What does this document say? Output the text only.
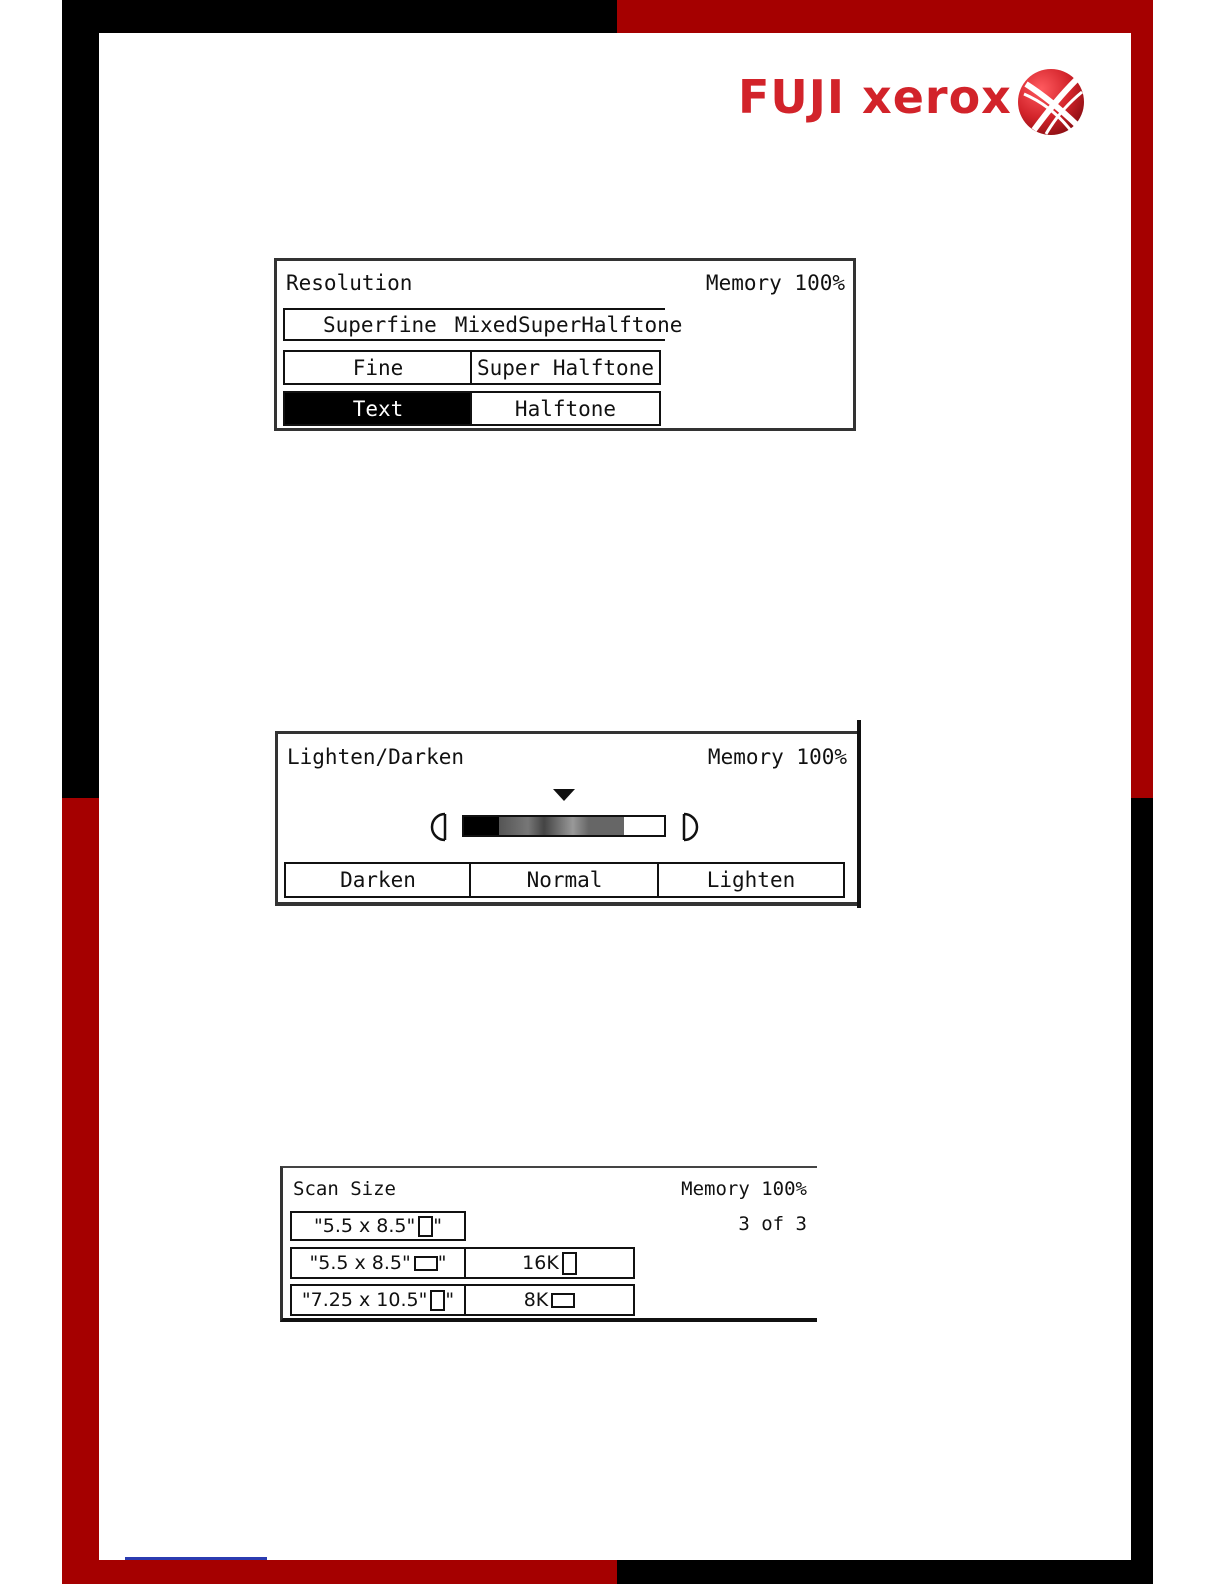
FUJI xerox
Resolution	Memory 100%
Superfine MixedSuperHalftone
Fine	Super Halftone
Text	Halftone
Lighten/Darken	Memory 100%
Darken	Normal	Lighten
Scan Size	Memory 100%
3 of 3
"5.5 x 8.5" "
"5.5 x 8.5" "	16K
"7.25 x 10.5" "	8K
